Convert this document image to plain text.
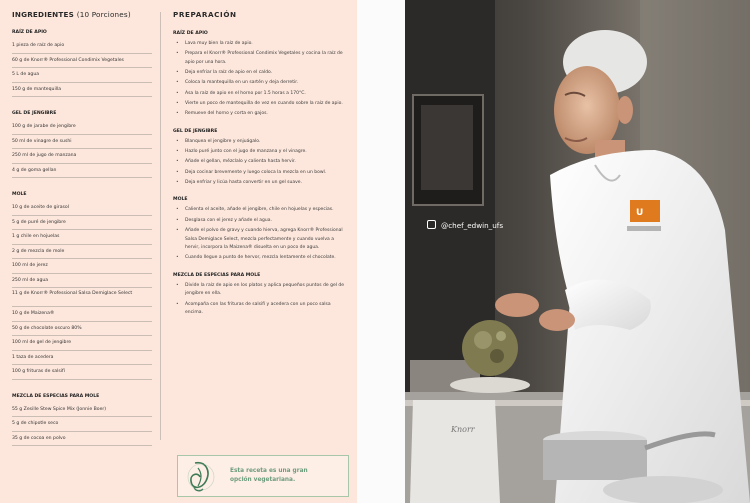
INGREDIENTES (10 Porciones)
RAÍZ DE APIO
1 pieza de raíz de apio
60 g de Knorr® Professional Condimix Vegetales
5 L de agua
150 g de mantequilla
GEL DE JENGIBRE
100 g de jarabe de jengibre
50 ml de vinagre de sushi
250 ml de jugo de manzana
4 g de goma gellan
MOLE
10 g de aceite de girasol
5 g de puré de jengibre
1 g chile en hojuelas
2 g de mezcla de mole
100 ml de jerez
250 ml de agua
11 g de Knorr® Professional Salsa Demiglace Select
10 g de Maizena®
50 g de chocolate oscuro 80%
100 ml de gel de jengibre
1 taza de acedera
100 g frituras de salsifí
MEZCLA DE ESPECIAS PARA MOLE
55 g Zesille Stew Spice Mix (Jonnie Boer)
5 g de chipotle seco
35 g de cocoa en polvo
PREPARACIÓN
RAÍZ DE APIO
• Lava muy bien la raíz de apio.
• Prepara el Knorr® Professional Condimix Vegetales y cocina la raíz de apio por una hora.
• Deja enfriar la raíz de apio en el caldo.
• Coloca la mantequilla en un sartén y deja derretir.
• Asa la raíz de apio en el horno por 1.5 horas a 170°C.
• Vierte un poco de mantequilla de vez en cuando sobre la raíz de apio.
• Remueve del horno y corta en gajos.
GEL DE JENGIBRE
• Blanquea el jengibre y enjuágalo.
• Hazlo puré junto con el jugo de manzana y el vinagre.
• Añade el gellan, mézclalo y calienta hasta hervir.
• Deja cocinar brevemente y luego coloca la mezcla en un bowl.
• Deja enfriar y licúa hasta convertir en un gel suave.
MOLE
• Calienta el aceite, añade el jengibre, chile en hojuelas y especias.
• Desglasa con el jerez y añade el agua.
• Añade el polvo de gravy y cuando hierva, agrega Knorr® Professional Salsa Demiglace Select, mezcla perfectamente y cuando vuelva a hervir, incorpora la Maizena® disuelta en un poco de agua.
• Cuando llegue a punto de hervor, mezcla lentamente el chocolate.
MEZCLA DE ESPECIAS PARA MOLE
• Divide la raíz de apio en los platos y aplica pequeños puntos de gel de jengibre en ella.
• Acompaña con las frituras de salsifí y acedera con un poco salsa encima.
Esta receta es una gran
opción vegetariana.
U
Knorr
@chef_edwin_ufs
